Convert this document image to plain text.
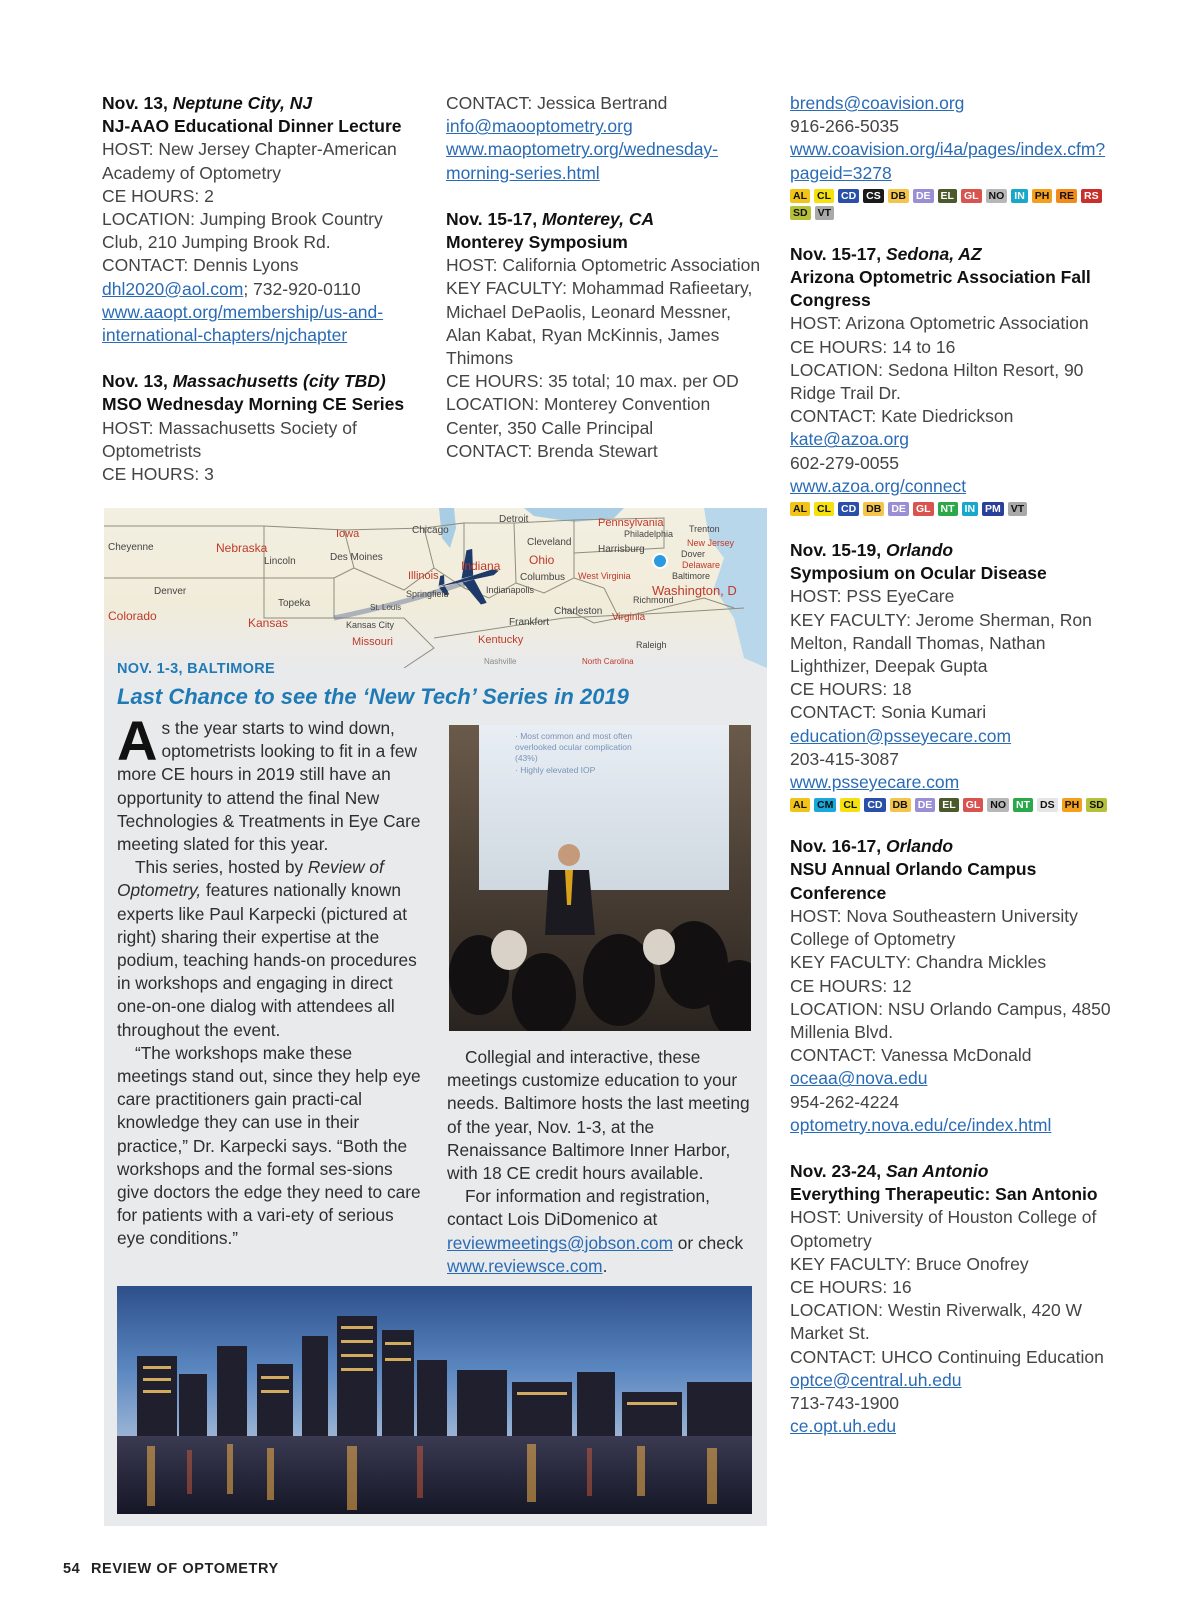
Nov. 13, Neptune City, NJ
NJ-AAO Educational Dinner Lecture
HOST: New Jersey Chapter-American Academy of Optometry
CE HOURS: 2
LOCATION: Jumping Brook Country Club, 210 Jumping Brook Rd.
CONTACT: Dennis Lyons
dhl2020@aol.com; 732-920-0110
www.aaopt.org/membership/us-and-international-chapters/njchapter
Nov. 13, Massachusetts (city TBD)
MSO Wednesday Morning CE Series
HOST: Massachusetts Society of Optometrists
CE HOURS: 3
CONTACT: Jessica Bertrand
info@maooptometry.org
www.maoptometry.org/wednesday-morning-series.html
Nov. 15-17, Monterey, CA
Monterey Symposium
HOST: California Optometric Association
KEY FACULTY: Mohammad Rafieetary, Michael DePaolis, Leonard Messner, Alan Kabat, Ryan McKinnis, James Thimons
CE HOURS: 35 total; 10 max. per OD
LOCATION: Monterey Convention Center, 350 Calle Principal
CONTACT: Brenda Stewart
brends@coavision.org
916-266-5035
www.coavision.org/i4a/pages/index.cfm?pageid=3278
AL CL CD CS DB DE EL GL NO IN PH RE RS
SD VT
Nov. 15-17, Sedona, AZ
Arizona Optometric Association Fall Congress
HOST: Arizona Optometric Association
CE HOURS: 14 to 16
LOCATION: Sedona Hilton Resort, 90 Ridge Trail Dr.
CONTACT: Kate Diedrickson
kate@azoa.org
602-279-0055
www.azoa.org/connect
AL CL CD DB DE GL NT IN PM VT
Nov. 15-19, Orlando
Symposium on Ocular Disease
HOST: PSS EyeCare
KEY FACULTY: Jerome Sherman, Ron Melton, Randall Thomas, Nathan Lighthizer, Deepak Gupta
CE HOURS: 18
CONTACT: Sonia Kumari
education@psseyecare.com
203-415-3087
www.psseyecare.com
AL CM CL CD DB DE EL GL NO NT DS PH SD
Nov. 16-17, Orlando
NSU Annual Orlando Campus Conference
HOST: Nova Southeastern University College of Optometry
KEY FACULTY: Chandra Mickles
CE HOURS: 12
LOCATION: NSU Orlando Campus, 4850 Millenia Blvd.
CONTACT: Vanessa McDonald
oceaa@nova.edu
954-262-4224
optometry.nova.edu/ce/index.html
Nov. 23-24, San Antonio
Everything Therapeutic: San Antonio
HOST: University of Houston College of Optometry
KEY FACULTY: Bruce Onofrey
CE HOURS: 16
LOCATION: Westin Riverwalk, 420 W Market St.
CONTACT: UHCO Continuing Education
optce@central.uh.edu
713-743-1900
ce.opt.uh.edu
Cheyenne	Nebraska
Lincoln
Iowa
Des Moines
Chicago
Detroit
Cleveland
Ohio
Pennsylvania
Philadelphia Trenton
Harrisburg
New Jersey
Dover
Delaware
Baltimore
Washington, D
Indiana
Illinois	Columbus West Virginia
Richmond
Virginia
Charleston
Frankfort
Kentucky
Denver
Colorado
Topeka
Kansas	Kansas City
Missouri	Raleigh
Nashville	North Carolina
Springfield	Indianapolis
St. Louis
NOV. 1-3, BALTIMORE
Last Chance to see the ‘New Tech’ Series in 2019

As the year starts to wind down, optometrists looking to fit in a few more CE hours in 2019 still have an opportunity to attend the final New Technologies & Treatments in Eye Care meeting slated for this year.

This series, hosted by Review of Optometry, features nationally known experts like Paul Karpecki (pictured at right) sharing their expertise at the podium, teaching hands-on procedures in workshops and engaging in direct one-on-one dialog with attendees all throughout the event.

“The workshops make these meetings stand out, since they help eye care practitioners gain practi-cal knowledge they can use in their practice,” Dr. Karpecki says. “Both the workshops and the formal ses-sions give doctors the edge they need to care for patients with a vari-ety of serious eye conditions.”

· Most common and most often
overlooked ocular complication
(43%)
· Highly elevated IOP

Collegial and interactive, these meetings customize education to your needs. Baltimore hosts the last meeting of the year, Nov. 1-3, at the Renaissance Baltimore Inner Harbor, with 18 CE credit hours available.

For information and registration, contact Lois DiDomenico at reviewmeetings@jobson.com or check www.reviewsce.com.

54 REVIEW OF OPTOMETRY
